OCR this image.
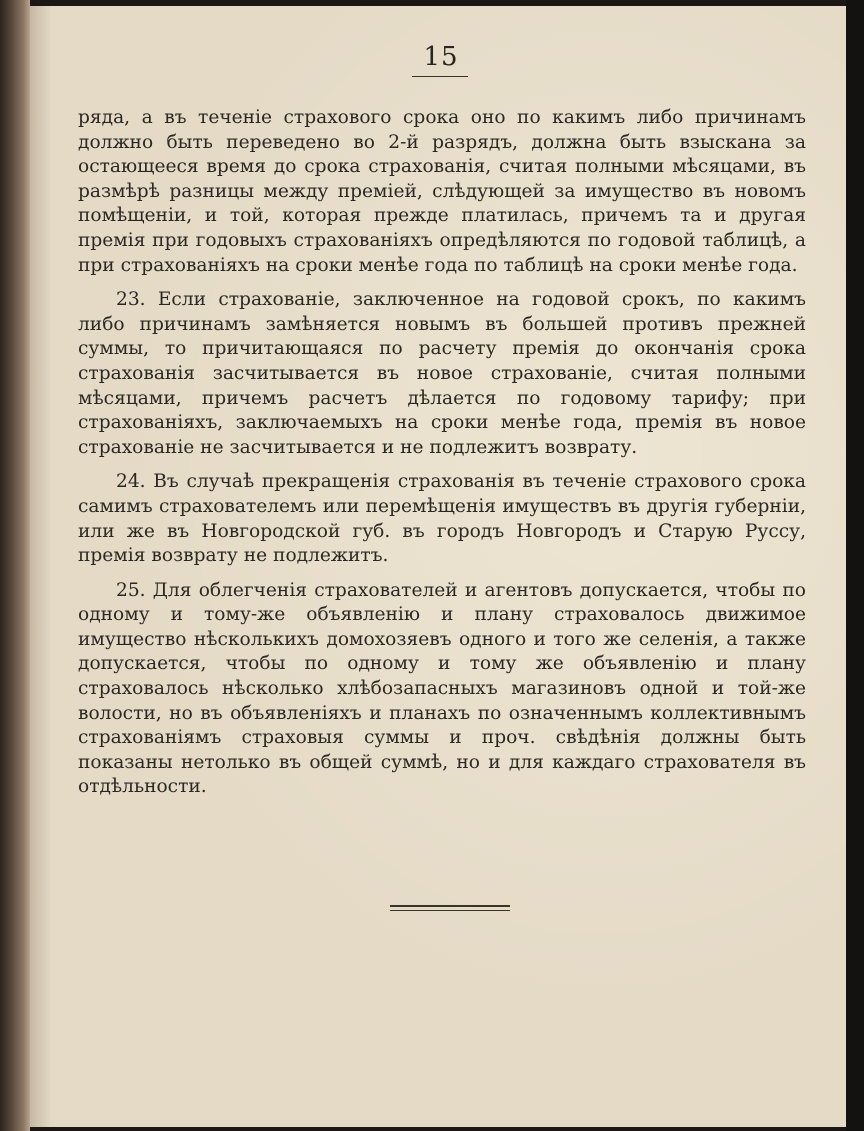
15

ряда, а въ теченіе страхового срока оно по какимъ либо причинамъ должно быть переведено во 2-й разрядъ, должна быть взыскана за остающееся время до срока страхованія, считая полными мѣсяцами, въ размѣрѣ разницы между преміей, слѣдующей за имущество въ новомъ помѣщеніи, и той, которая прежде платилась, причемъ та и другая премія при годовыхъ страхованіяхъ опредѣляются по годовой таблицѣ, а при страхованіяхъ на сроки менѣе года по таблицѣ на сроки менѣе года.

23. Если страхованіе, заключенное на годовой срокъ, по какимъ либо причинамъ замѣняется новымъ въ большей противъ прежней суммы, то причитающаяся по расчету премія до окончанія срока страхованія засчитывается въ новое страхованіе, считая полными мѣсяцами, причемъ расчетъ дѣлается по годовому тарифу; при страхованіяхъ, заключаемыхъ на сроки менѣе года, премія въ новое страхованіе не засчитывается и не подлежитъ возврату.

24. Въ случаѣ прекращенія страхованія въ теченіе страхового срока самимъ страхователемъ или перемѣщенія имуществъ въ другія губерніи, или же въ Новгородской губ. въ городъ Новгородъ и Старую Руссу, премія возврату не подлежитъ.

25. Для облегченія страхователей и агентовъ допускается, чтобы по одному и тому-же объявленію и плану страховалось движимое имущество нѣсколькихъ домохозяевъ одного и того же селенія, а также допускается, чтобы по одному и тому же объявленію и плану страховалось нѣсколько хлѣбозапасныхъ магазиновъ одной и той-же волости, но въ объявленіяхъ и планахъ по означеннымъ коллективнымъ страхованіямъ страховыя суммы и проч. свѣдѣнія должны быть показаны нетолько въ общей суммѣ, но и для каждаго страхователя въ отдѣльности.
